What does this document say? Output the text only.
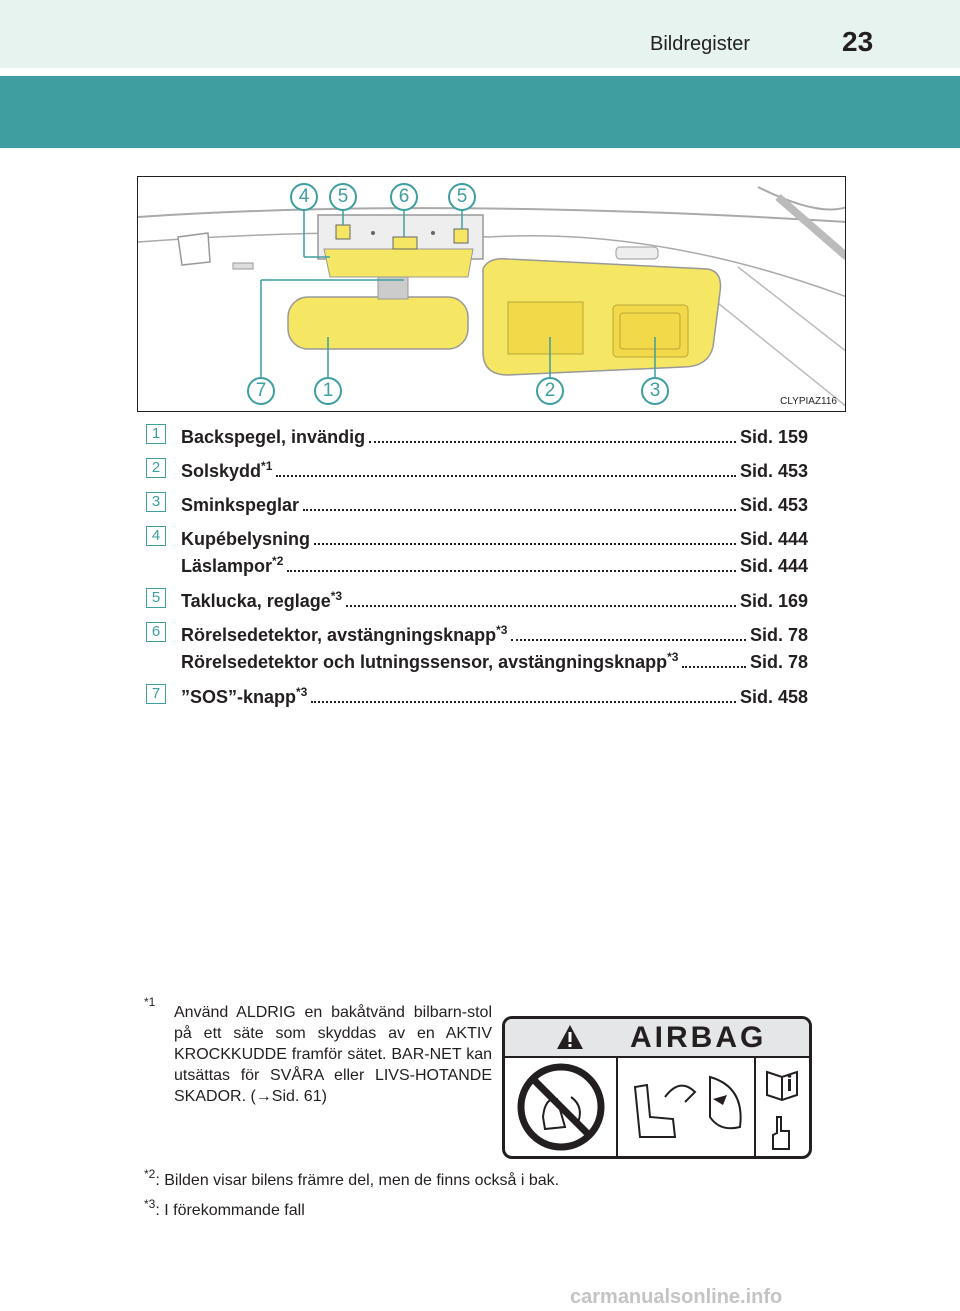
Bildregister	23
4	5	6	5
7	1	2	3
CLYPIAZ116
1	Backspegel, invändig	Sid. 159
2	Solskydd$^{*1}$	Sid. 453
3	Sminkspeglar	Sid. 453
4	Kupébelysning	Sid. 444
Läslampor$^{*2}$	Sid. 444
5	Taklucka, reglage$^{*3}$	Sid. 169
6	Rörelsedetektor, avstängningsknapp$^{*3}$	Sid. 78
Rörelsedetektor och lutningssensor, avstängningsknapp$^{*3}$	Sid. 78
7	”SOS”-knapp$^{*3}$	Sid. 458
*1
Använd ALDRIG en bakåtvänd bilbarn-stol på ett säte som skyddas av en AKTIV KROCKKUDDE framför sätet. BAR-NET kan utsättas för SVÅRA eller LIVS-HOTANDE SKADOR. (→Sid. 61)
AIRBAG
$^{*2}$: Bilden visar bilens främre del, men de finns också i bak.
$^{*3}$: I förekommande fall
carmanualsonline.info
